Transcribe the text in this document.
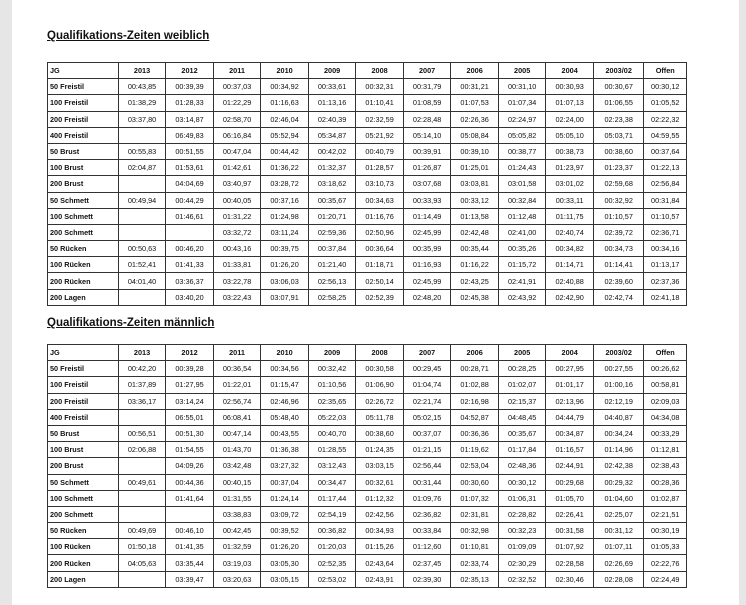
Qualifikations-Zeiten weiblich
JG	2013	2012	2011	2010	2009	2008	2007	2006	2005	2004	2003/02	Offen
50 Freistil	00:43,85	00:39,39	00:37,03	00:34,92	00:33,61	00:32,31	00:31,79	00:31,21	00:31,10	00:30,93	00:30,67	00:30,12
100 Freistil	01:38,29	01:28,33	01:22,29	01:16,63	01:13,16	01:10,41	01:08,59	01:07,53	01:07,34	01:07,13	01:06,55	01:05,52
200 Freistil	03:37,80	03:14,87	02:58,70	02:46,04	02:40,39	02:32,59	02:28,48	02:26,36	02:24,97	02:24,00	02:23,38	02:22,32
400 Freistil		06:49,83	06:16,84	05:52,94	05:34,87	05:21,92	05:14,10	05:08,84	05:05,82	05:05,10	05:03,71	04:59,55
50 Brust	00:55,83	00:51,55	00:47,04	00:44,42	00:42,02	00:40,79	00:39,91	00:39,10	00:38,77	00:38,73	00:38,60	00:37,64
100 Brust	02:04,87	01:53,61	01:42,61	01:36,22	01:32,37	01:28,57	01:26,87	01:25,01	01:24,43	01:23,97	01:23,37	01:22,13
200 Brust		04:04,69	03:40,97	03:28,72	03:18,62	03:10,73	03:07,68	03:03,81	03:01,58	03:01,02	02:59,68	02:56,84
50 Schmett	00:49,94	00:44,29	00:40,05	00:37,16	00:35,67	00:34,63	00:33,93	00:33,12	00:32,84	00:33,11	00:32,92	00:31,84
100 Schmett		01:46,61	01:31,22	01:24,98	01:20,71	01:16,76	01:14,49	01:13,58	01:12,48	01:11,75	01:10,57	01:10,57
200 Schmett			03:32,72	03:11,24	02:59,36	02:50,96	02:45,99	02:42,48	02:41,00	02:40,74	02:39,72	02:36,71
50 Rücken	00:50,63	00:46,20	00:43,16	00:39,75	00:37,84	00:36,64	00:35,99	00:35,44	00:35,26	00:34,82	00:34,73	00:34,16
100 Rücken	01:52,41	01:41,33	01:33,81	01:26,20	01:21,40	01:18,71	01:16,93	01:16,22	01:15,72	01:14,71	01:14,41	01:13,17
200 Rücken	04:01,40	03:36,37	03:22,78	03:06,03	02:56,13	02:50,14	02:45,99	02:43,25	02:41,91	02:40,88	02:39,60	02:37,36
200 Lagen		03:40,20	03:22,43	03:07,91	02:58,25	02:52,39	02:48,20	02:45,38	02:43,92	02:42,90	02:42,74	02:41,18
Qualifikations-Zeiten männlich
JG	2013	2012	2011	2010	2009	2008	2007	2006	2005	2004	2003/02	Offen
50 Freistil	00:42,20	00:39,28	00:36,54	00:34,56	00:32,42	00:30,58	00:29,45	00:28,71	00:28,25	00:27,95	00:27,55	00:26,62
100 Freistil	01:37,89	01:27,95	01:22,01	01:15,47	01:10,56	01:06,90	01:04,74	01:02,88	01:02,07	01:01,17	01:00,16	00:58,81
200 Freistil	03:36,17	03:14,24	02:56,74	02:46,96	02:35,65	02:26,72	02:21,74	02:16,98	02:15,37	02:13,96	02:12,19	02:09,03
400 Freistil		06:55,01	06:08,41	05:48,40	05:22,03	05:11,78	05:02,15	04:52,87	04:48,45	04:44,79	04:40,87	04:34,08
50 Brust	00:56,51	00:51,30	00:47,14	00:43,55	00:40,70	00:38,60	00:37,07	00:36,36	00:35,67	00:34,87	00:34,24	00:33,29
100 Brust	02:06,88	01:54,55	01:43,70	01:36,38	01:28,55	01:24,35	01:21,15	01:19,62	01:17,84	01:16,57	01:14,96	01:12,81
200 Brust		04:09,26	03:42,48	03:27,32	03:12,43	03:03,15	02:56,44	02:53,04	02:48,36	02:44,91	02:42,38	02:38,43
50 Schmett	00:49,61	00:44,36	00:40,15	00:37,04	00:34,47	00:32,61	00:31,44	00:30,60	00:30,12	00:29,68	00:29,32	00:28,36
100 Schmett		01:41,64	01:31,55	01:24,14	01:17,44	01:12,32	01:09,76	01:07,32	01:06,31	01:05,70	01:04,60	01:02,87
200 Schmett			03:38,83	03:09,72	02:54,19	02:42,56	02:36,82	02:31,81	02:28,82	02:26,41	02:25,07	02:21,51
50 Rücken	00:49,69	00:46,10	00:42,45	00:39,52	00:36,82	00:34,93	00:33,84	00:32,98	00:32,23	00:31,58	00:31,12	00:30,19
100 Rücken	01:50,18	01:41,35	01:32,59	01:26,20	01:20,03	01:15,26	01:12,60	01:10,81	01:09,09	01:07,92	01:07,11	01:05,33
200 Rücken	04:05,63	03:35,44	03:19,03	03:05,30	02:52,35	02:43,64	02:37,45	02:33,74	02:30,29	02:28,58	02:26,69	02:22,76
200 Lagen		03:39,47	03:20,63	03:05,15	02:53,02	02:43,91	02:39,30	02:35,13	02:32,52	02:30,46	02:28,08	02:24,49
